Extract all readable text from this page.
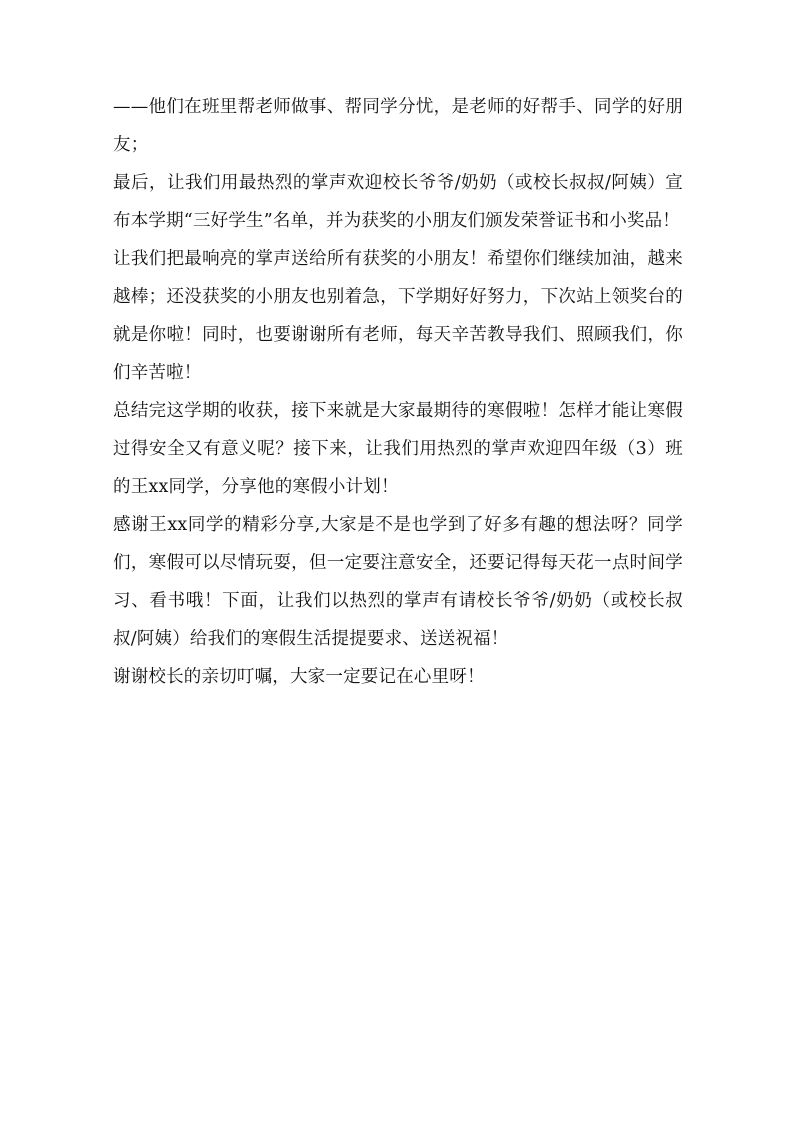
——他们在班里帮老师做事、帮同学分忧，是老师的好帮手、同学的好朋友；

最后，让我们用最热烈的掌声欢迎校长爷爷/奶奶（或校长叔叔/阿姨）宣布本学期“三好学生”名单，并为获奖的小朋友们颁发荣誉证书和小奖品！

让我们把最响亮的掌声送给所有获奖的小朋友！希望你们继续加油，越来越棒；还没获奖的小朋友也别着急，下学期好好努力，下次站上领奖台的就是你啦！同时，也要谢谢所有老师，每天辛苦教导我们、照顾我们，你们辛苦啦！

总结完这学期的收获，接下来就是大家最期待的寒假啦！怎样才能让寒假过得安全又有意义呢？接下来，让我们用热烈的掌声欢迎四年级（3）班的王xx同学，分享他的寒假小计划！

感谢王xx同学的精彩分享,大家是不是也学到了好多有趣的想法呀？同学们，寒假可以尽情玩耍，但一定要注意安全，还要记得每天花一点时间学习、看书哦！下面，让我们以热烈的掌声有请校长爷爷/奶奶（或校长叔叔/阿姨）给我们的寒假生活提提要求、送送祝福！

谢谢校长的亲切叮嘱，大家一定要记在心里呀！
